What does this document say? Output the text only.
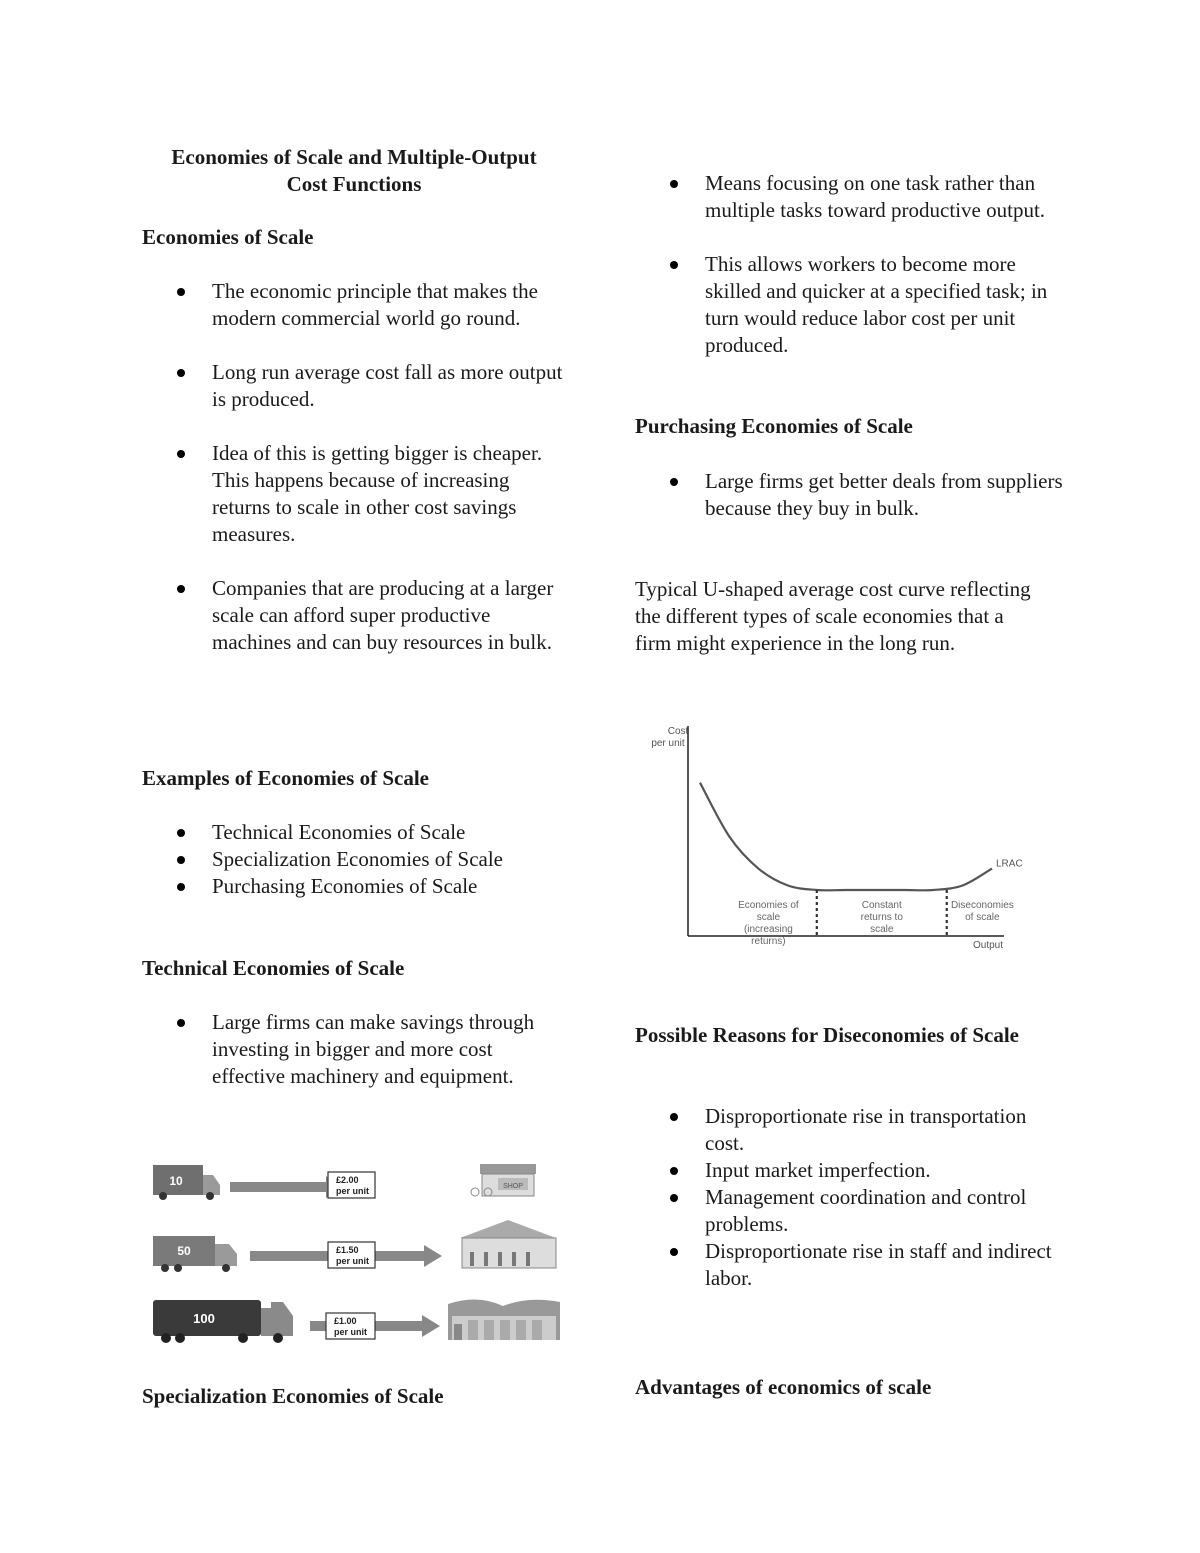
Economies of Scale and Multiple-Output
Cost Functions
Economies of Scale
The economic principle that makes the modern commercial world go round.
Long run average cost fall as more output is produced.
Idea of this is getting bigger is cheaper. This happens because of increasing returns to scale in other cost savings measures.
Companies that are producing at a larger scale can afford super productive machines and can buy resources in bulk.
Examples of Economies of Scale
Technical Economies of Scale
Specialization Economies of Scale
Purchasing Economies of Scale
Technical Economies of Scale
Large firms can make savings through investing in bigger and more cost effective machinery and equipment.
10	£2.00
per unit	SHOP
50	£1.50
per unit
100	£1.00
per unit
Specialization Economies of Scale
Means focusing on one task rather than multiple tasks toward productive output.
This allows workers to become more skilled and quicker at a specified task; in turn would reduce labor cost per unit produced.
Purchasing Economies of Scale
Large firms get better deals from suppliers because they buy in bulk.
Typical U-shaped average cost curve reflecting the different types of scale economies that a firm might experience in the long run.
Cost
per unit
Output
LRAC
Economies of
scale
(increasing
returns)
Constant
returns to
scale
Diseconomies
of scale
Possible Reasons for Diseconomies of Scale
Disproportionate rise in transportation cost.
Input market imperfection.
Management coordination and control problems.
Disproportionate rise in staff and indirect labor.
Advantages of economics of scale
